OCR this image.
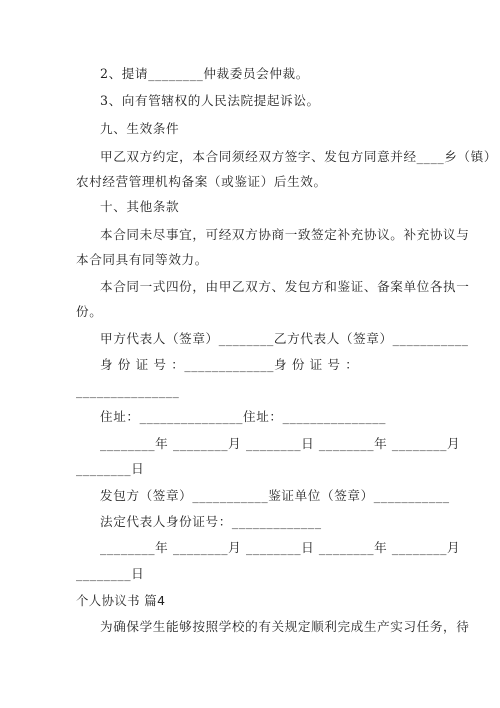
2、提请________仲裁委员会仲裁。
3、向有管辖权的人民法院提起诉讼。
九、生效条件
甲乙双方约定，本合同须经双方签字、发包方同意并经____乡（镇）
农村经营管理机构备案（或鉴证）后生效。
十、其他条款
本合同未尽事宜，可经双方协商一致签定补充协议。补充协议与
本合同具有同等效力。
本合同一式四份，由甲乙双方、发包方和鉴证、备案单位各执一
份。
甲方代表人（签章）________乙方代表人（签章）___________
身 份 证 号 ：_____________身 份 证 号 ：
_______________
住址：_______________住址：_______________
________年 ________月 ________日 ________年 ________月
________日
发包方（签章）___________鉴证单位（签章）___________
法定代表人身份证号：_____________
________年 ________月 ________日 ________年 ________月
________日
个人协议书 篇4
为确保学生能够按照学校的有关规定顺利完成生产实习任务，待
